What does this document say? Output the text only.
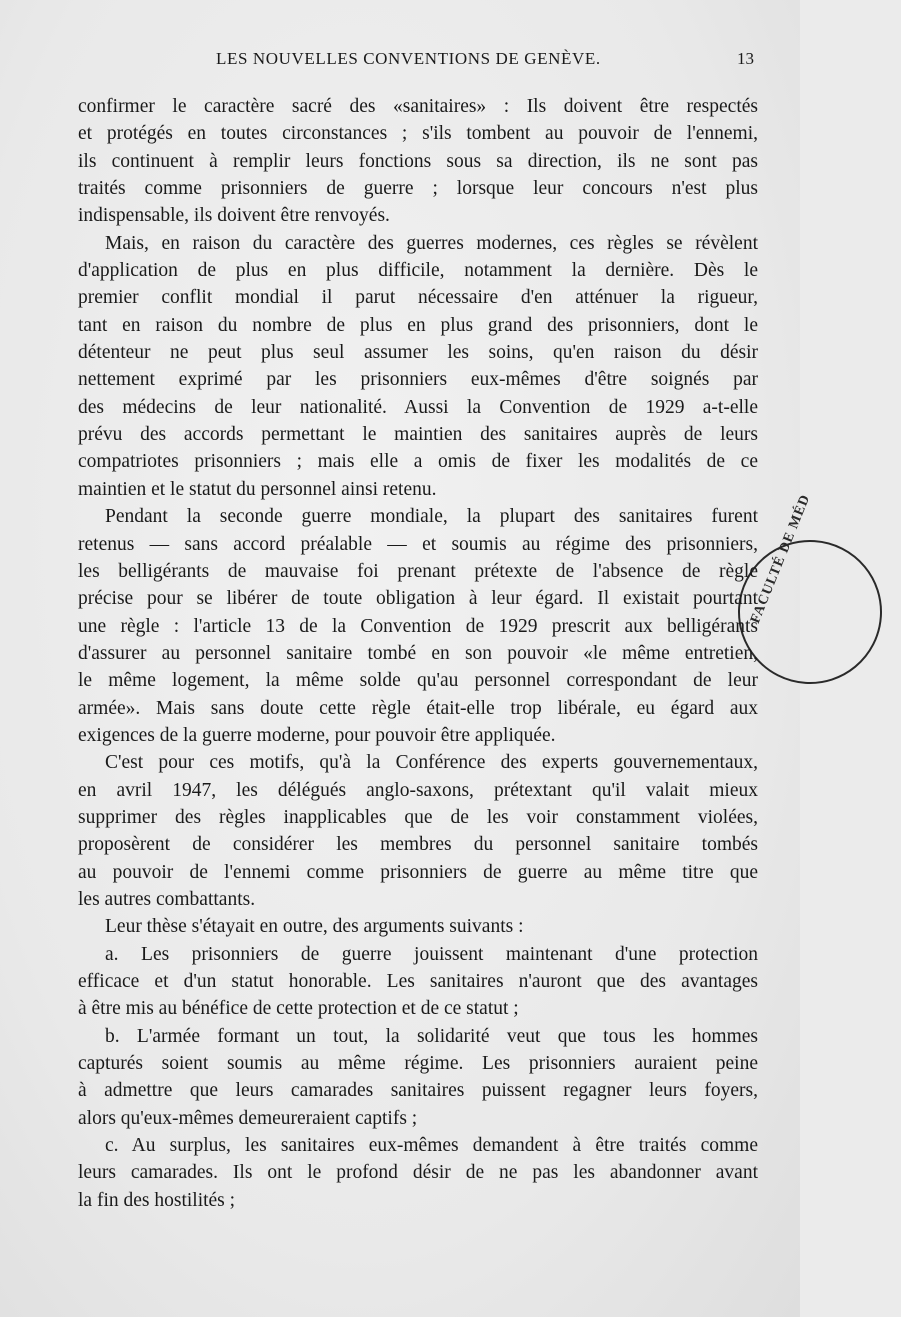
LES NOUVELLES CONVENTIONS DE GENÈVE.	13
FACULTÉ DE MÉD
confirmer le caractère sacré des «sanitaires» : Ils doivent être respectés
et protégés en toutes circonstances ; s'ils tombent au pouvoir de l'ennemi,
ils continuent à remplir leurs fonctions sous sa direction, ils ne sont pas
traités comme prisonniers de guerre ; lorsque leur concours n'est plus
indispensable, ils doivent être renvoyés.
Mais, en raison du caractère des guerres modernes, ces règles se révèlent
d'application de plus en plus difficile, notamment la dernière. Dès le
premier conflit mondial il parut nécessaire d'en atténuer la rigueur,
tant en raison du nombre de plus en plus grand des prisonniers, dont le
détenteur ne peut plus seul assumer les soins, qu'en raison du désir
nettement exprimé par les prisonniers eux-mêmes d'être soignés par
des médecins de leur nationalité. Aussi la Convention de 1929 a-t-elle
prévu des accords permettant le maintien des sanitaires auprès de leurs
compatriotes prisonniers ; mais elle a omis de fixer les modalités de ce
maintien et le statut du personnel ainsi retenu.
Pendant la seconde guerre mondiale, la plupart des sanitaires furent
retenus — sans accord préalable — et soumis au régime des prisonniers,
les belligérants de mauvaise foi prenant prétexte de l'absence de règle
précise pour se libérer de toute obligation à leur égard. Il existait pourtant
une règle : l'article 13 de la Convention de 1929 prescrit aux belligérants
d'assurer au personnel sanitaire tombé en son pouvoir «le même entretien,
le même logement, la même solde qu'au personnel correspondant de leur
armée». Mais sans doute cette règle était-elle trop libérale, eu égard aux
exigences de la guerre moderne, pour pouvoir être appliquée.
C'est pour ces motifs, qu'à la Conférence des experts gouvernementaux,
en avril 1947, les délégués anglo-saxons, prétextant qu'il valait mieux
supprimer des règles inapplicables que de les voir constamment violées,
proposèrent de considérer les membres du personnel sanitaire tombés
au pouvoir de l'ennemi comme prisonniers de guerre au même titre que
les autres combattants.
Leur thèse s'étayait en outre, des arguments suivants :
a. Les prisonniers de guerre jouissent maintenant d'une protection
efficace et d'un statut honorable. Les sanitaires n'auront que des avantages
à être mis au bénéfice de cette protection et de ce statut ;
b. L'armée formant un tout, la solidarité veut que tous les hommes
capturés soient soumis au même régime. Les prisonniers auraient peine
à admettre que leurs camarades sanitaires puissent regagner leurs foyers,
alors qu'eux-mêmes demeureraient captifs ;
c. Au surplus, les sanitaires eux-mêmes demandent à être traités comme
leurs camarades. Ils ont le profond désir de ne pas les abandonner avant
la fin des hostilités ;
